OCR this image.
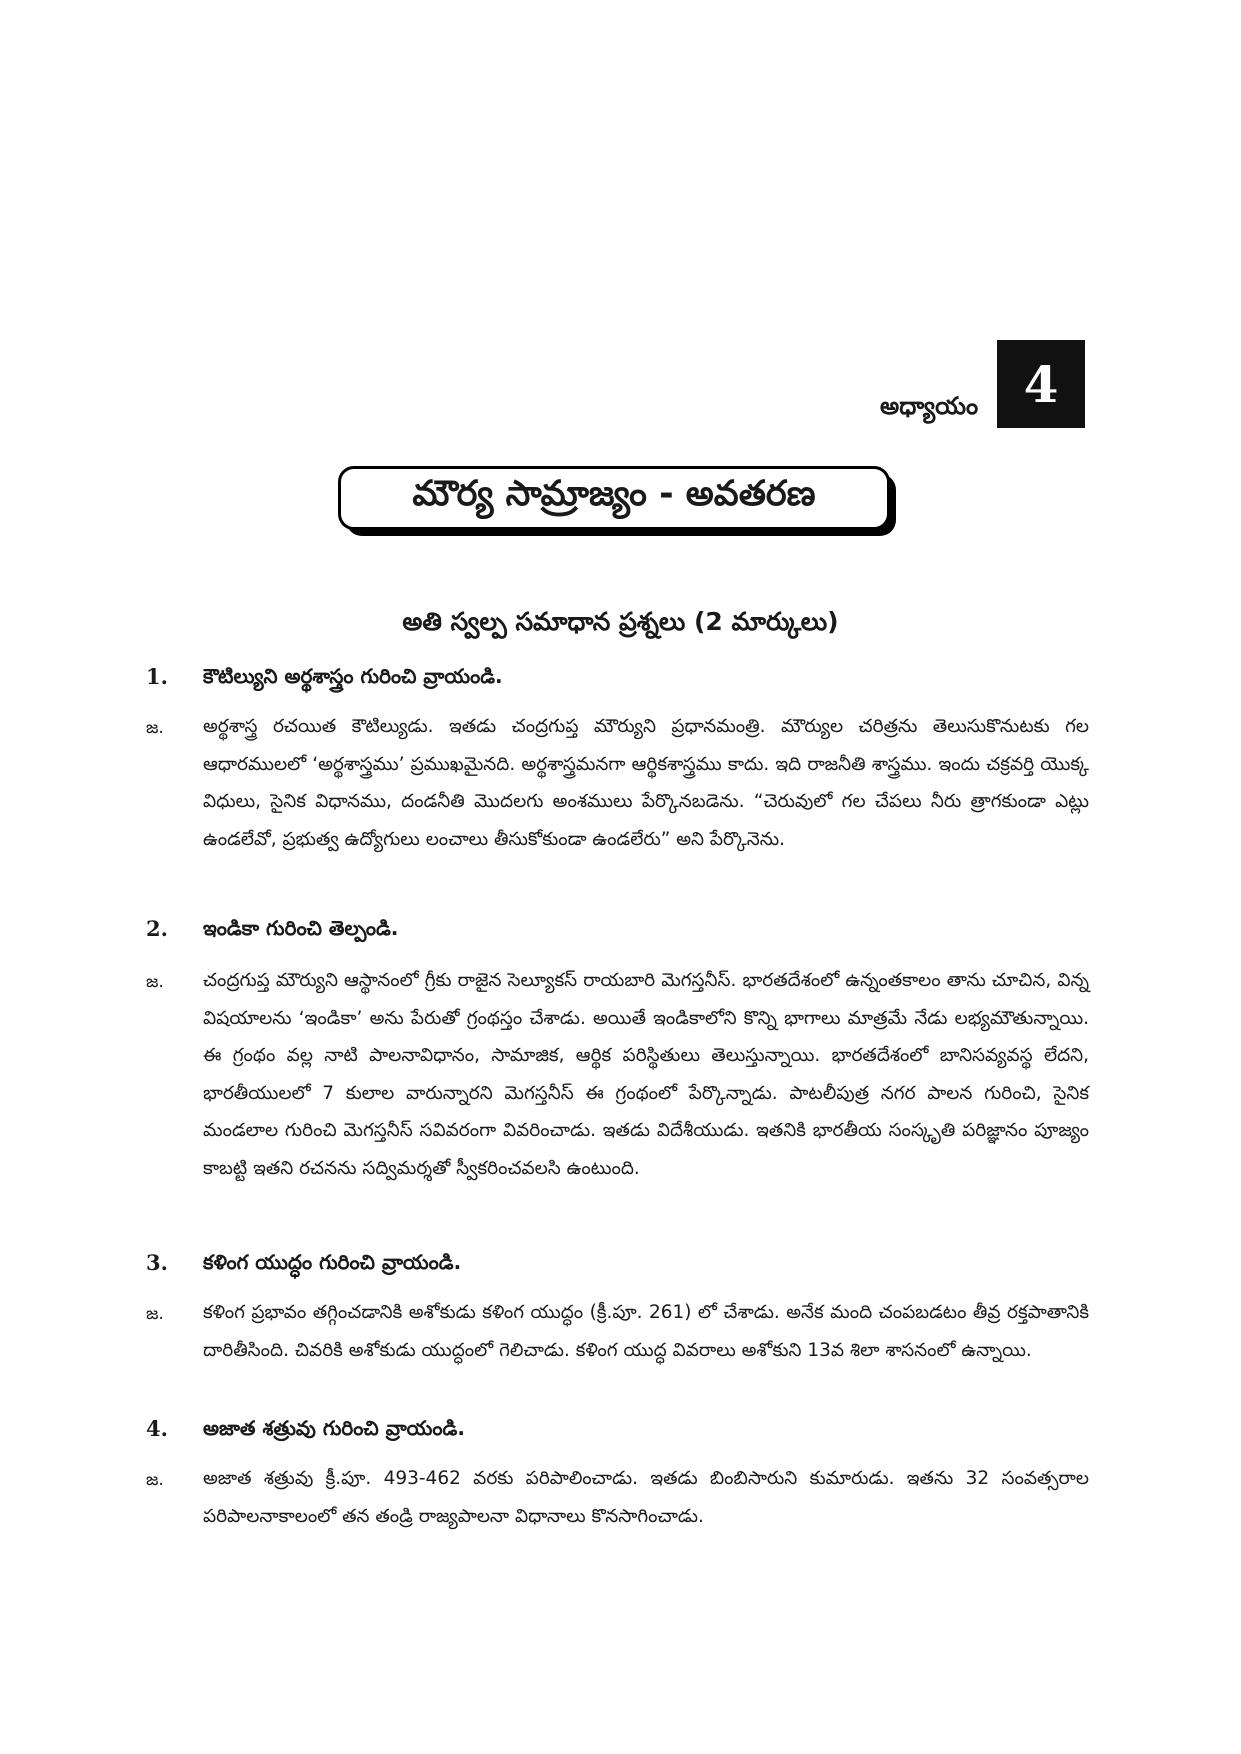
అధ్యాయం 4
మౌర్య సామ్రాజ్యం - అవతరణ
అతి స్వల్ప సమాధాన ప్రశ్నలు (2 మార్కులు)
1. కౌటిల్యుని అర్థశాస్త్రం గురించి వ్రాయండి.
జ. అర్థశాస్త్ర రచయిత కౌటిల్యుడు. ఇతడు చంద్రగుప్త మౌర్యుని ప్రధానమంత్రి. మౌర్యుల చరిత్రను తెలుసుకొనుటకు గల ఆధారములలో ‘అర్థశాస్త్రము’ ప్రముఖమైనది. అర్థశాస్త్రమనగా ఆర్థికశాస్త్రము కాదు. ఇది రాజనీతి శాస్త్రము. ఇందు చక్రవర్తి యొక్క విధులు, సైనిక విధానము, దండనీతి మొదలగు అంశములు పేర్కొనబడెను. “చెరువులో గల చేపలు నీరు త్రాగకుండా ఎట్లు ఉండలేవో, ప్రభుత్వ ఉద్యోగులు లంచాలు తీసుకోకుండా ఉండలేరు” అని పేర్కొనెను.
2. ఇండికా గురించి తెల్పండి.
జ. చంద్రగుప్త మౌర్యుని ఆస్థానంలో గ్రీకు రాజైన సెల్యూకస్ రాయబారి మెగస్తనీస్. భారతదేశంలో ఉన్నంతకాలం తాను చూచిన, విన్న విషయాలను ‘ఇండికా’ అను పేరుతో గ్రంథస్తం చేశాడు. అయితే ఇండికాలోని కొన్ని భాగాలు మాత్రమే నేడు లభ్యమౌతున్నాయి. ఈ గ్రంథం వల్ల నాటి పాలనావిధానం, సామాజిక, ఆర్థిక పరిస్థితులు తెలుస్తున్నాయి. భారతదేశంలో బానిసవ్యవస్థ లేదని, భారతీయులలో 7 కులాల వారున్నారని మెగస్తనీస్ ఈ గ్రంథంలో పేర్కొన్నాడు. పాటలీపుత్ర నగర పాలన గురించి, సైనిక మండలాల గురించి మెగస్తనీస్ సవివరంగా వివరించాడు. ఇతడు విదేశీయుడు. ఇతనికి భారతీయ సంస్కృతి పరిజ్ఞానం పూజ్యం కాబట్టి ఇతని రచనను సద్విమర్శతో స్వీకరించవలసి ఉంటుంది.
3. కళింగ యుద్ధం గురించి వ్రాయండి.
జ. కళింగ ప్రభావం తగ్గించడానికి అశోకుడు కళింగ యుద్ధం (క్రీ.పూ. 261) లో చేశాడు. అనేక మంది చంపబడటం తీవ్ర రక్తపాతానికి దారితీసింది. చివరికి అశోకుడు యుద్ధంలో గెలిచాడు. కళింగ యుద్ధ వివరాలు అశోకుని 13వ శిలా శాసనంలో ఉన్నాయి.
4. అజాత శత్రువు గురించి వ్రాయండి.
జ. అజాత శత్రువు క్రీ.పూ. 493-462 వరకు పరిపాలించాడు. ఇతడు బింబిసారుని కుమారుడు. ఇతను 32 సంవత్సరాల పరిపాలనాకాలంలో తన తండ్రి రాజ్యపాలనా విధానాలు కొనసాగించాడు.
